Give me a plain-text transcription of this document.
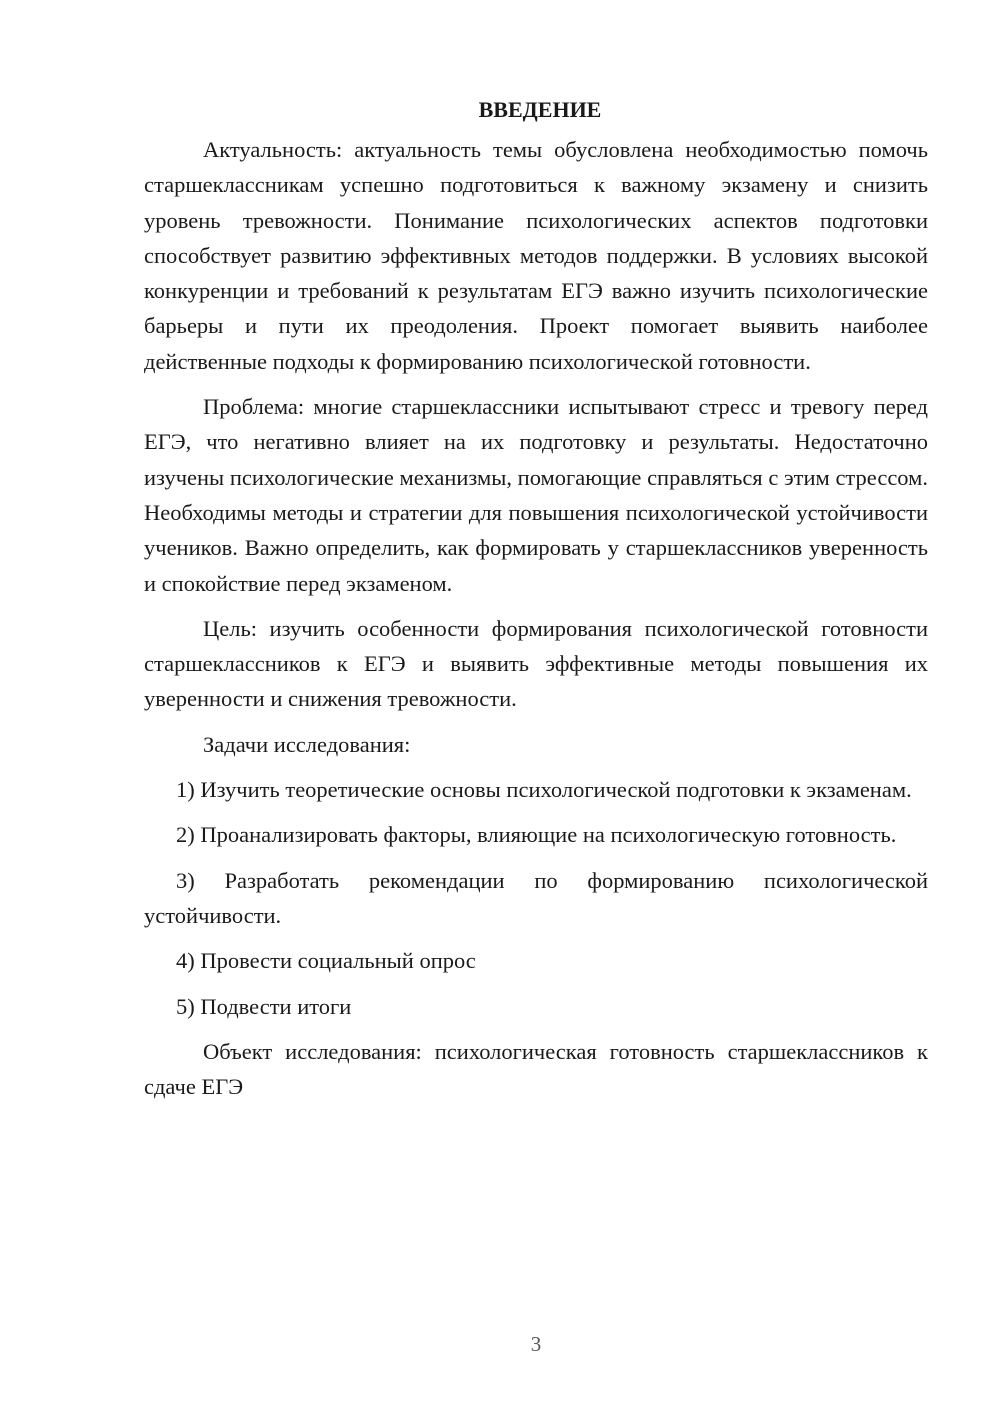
ВВЕДЕНИЕ

Актуальность: актуальность темы обусловлена необходимостью помочь старшеклассникам успешно подготовиться к важному экзамену и снизить уровень тревожности. Понимание психологических аспектов подготовки способствует развитию эффективных методов поддержки. В условиях высокой конкуренции и требований к результатам ЕГЭ важно изучить психологические барьеры и пути их преодоления. Проект помогает выявить наиболее действенные подходы к формированию психологической готовности.

Проблема: многие старшеклассники испытывают стресс и тревогу перед ЕГЭ, что негативно влияет на их подготовку и результаты. Недостаточно изучены психологические механизмы, помогающие справляться с этим стрессом. Необходимы методы и стратегии для повышения психологической устойчивости учеников. Важно определить, как формировать у старшеклассников уверенность и спокойствие перед экзаменом.

Цель: изучить особенности формирования психологической готовности старшеклассников к ЕГЭ и выявить эффективные методы повышения их уверенности и снижения тревожности.

Задачи исследования:

1) Изучить теоретические основы психологической подготовки к экзаменам.

2) Проанализировать факторы, влияющие на психологическую готовность.

3) Разработать рекомендации по формированию психологической устойчивости.

4) Провести социальный опрос

5) Подвести итоги

Объект исследования: психологическая готовность старшеклассников к сдаче ЕГЭ

3
